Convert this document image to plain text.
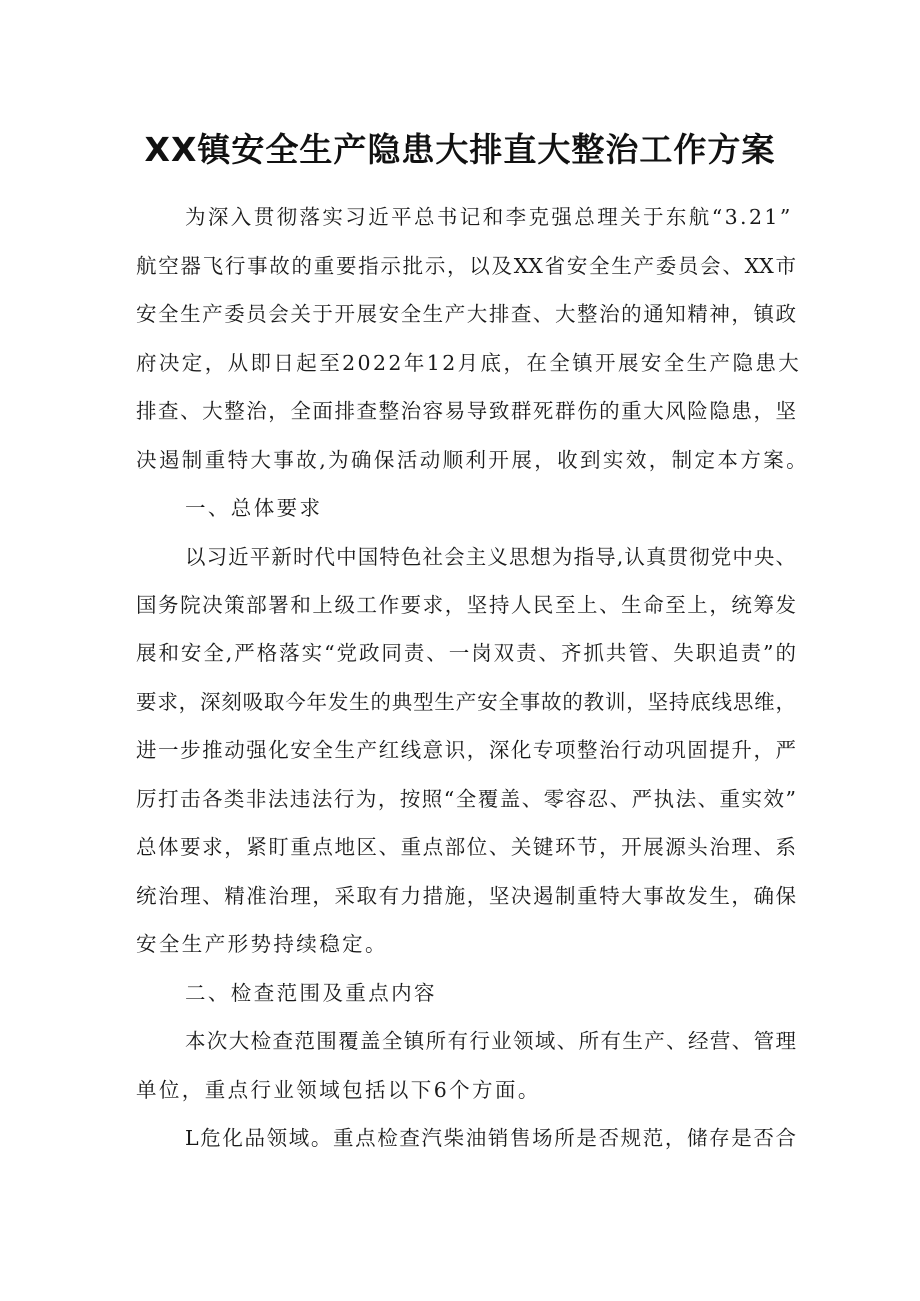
XX镇安全生产隐患大排直大整治工作方案

为深入贯彻落实习近平总书记和李克强总理关于东航“3.21”

航空器飞行事故的重要指示批示，以及XX省安全生产委员会、XX市

安全生产委员会关于开展安全生产大排查、大整治的通知精神，镇政

府决定，从即日起至2022年12月底，在全镇开展安全生产隐患大

排查、大整治，全面排查整治容易导致群死群伤的重大风险隐患，坚

决遏制重特大事故,为确保活动顺利开展，收到实效，制定本方案。

一、总体要求

以习近平新时代中国特色社会主义思想为指导,认真贯彻党中央、

国务院决策部署和上级工作要求，坚持人民至上、生命至上，统筹发

展和安全,严格落实“党政同责、一岗双责、齐抓共管、失职追责”的

要求，深刻吸取今年发生的典型生产安全事故的教训，坚持底线思维，

进一步推动强化安全生产红线意识，深化专项整治行动巩固提升，严

厉打击各类非法违法行为，按照“全覆盖、零容忍、严执法、重实效”

总体要求，紧盯重点地区、重点部位、关键环节，开展源头治理、系

统治理、精准治理，采取有力措施，坚决遏制重特大事故发生，确保

安全生产形势持续稳定。

二、检查范围及重点内容

本次大检查范围覆盖全镇所有行业领域、所有生产、经营、管理

单位，重点行业领域包括以下6个方面。

L危化品领域。重点检查汽柴油销售场所是否规范，储存是否合
